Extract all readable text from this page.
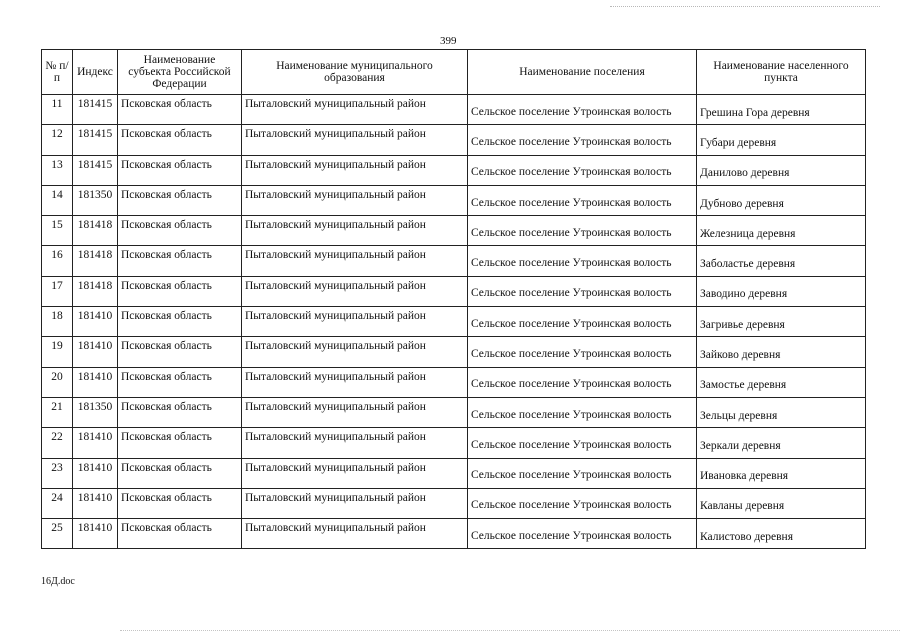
399
№ п/п	Индекс	Наименование субъекта Российской Федерации	Наименование муниципального образования	Наименование поселения	Наименование населенного пункта
11	181415	Псковская область	Пыталовский муниципальный район	Сельское поселение Утроинская волость	Грешина Гора деревня
12	181415	Псковская область	Пыталовский муниципальный район	Сельское поселение Утроинская волость	Губари деревня
13	181415	Псковская область	Пыталовский муниципальный район	Сельское поселение Утроинская волость	Данилово деревня
14	181350	Псковская область	Пыталовский муниципальный район	Сельское поселение Утроинская волость	Дубново деревня
15	181418	Псковская область	Пыталовский муниципальный район	Сельское поселение Утроинская волость	Железница деревня
16	181418	Псковская область	Пыталовский муниципальный район	Сельское поселение Утроинская волость	Заболастье деревня
17	181418	Псковская область	Пыталовский муниципальный район	Сельское поселение Утроинская волость	Заводино деревня
18	181410	Псковская область	Пыталовский муниципальный район	Сельское поселение Утроинская волость	Загривье деревня
19	181410	Псковская область	Пыталовский муниципальный район	Сельское поселение Утроинская волость	Зайково деревня
20	181410	Псковская область	Пыталовский муниципальный район	Сельское поселение Утроинская волость	Замостье деревня
21	181350	Псковская область	Пыталовский муниципальный район	Сельское поселение Утроинская волость	Зельцы деревня
22	181410	Псковская область	Пыталовский муниципальный район	Сельское поселение Утроинская волость	Зеркали деревня
23	181410	Псковская область	Пыталовский муниципальный район	Сельское поселение Утроинская волость	Ивановка деревня
24	181410	Псковская область	Пыталовский муниципальный район	Сельское поселение Утроинская волость	Кавланы деревня
25	181410	Псковская область	Пыталовский муниципальный район	Сельское поселение Утроинская волость	Калистово деревня
16Д.doc
